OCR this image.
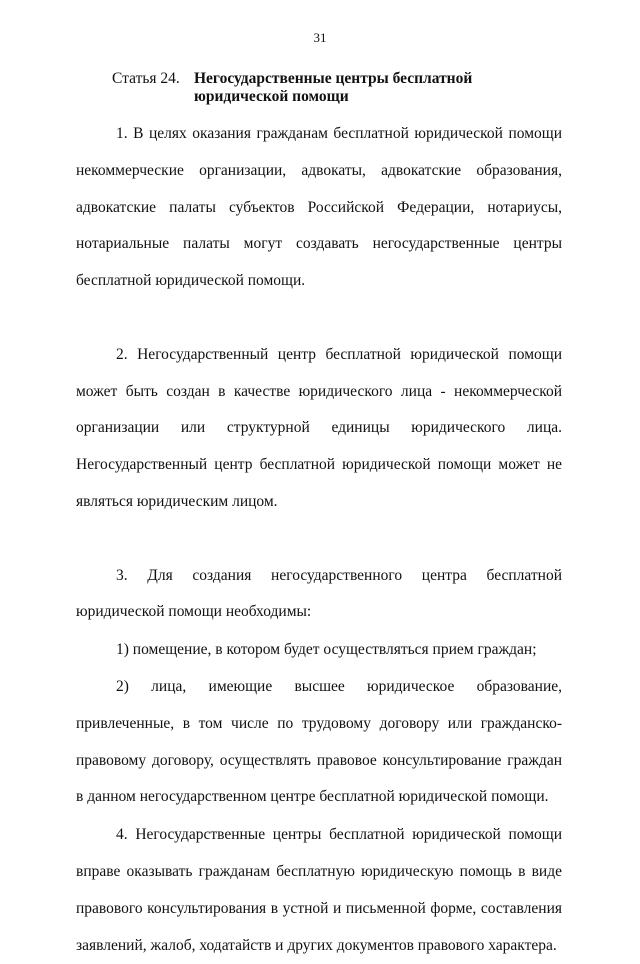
31
Статья 24. Негосударственные центры бесплатной юридической помощи

1. В целях оказания гражданам бесплатной юридической помощи некоммерческие организации, адвокаты, адвокатские образования, адвокатские палаты субъектов Российской Федерации, нотариусы, нотариальные палаты могут создавать негосударственные центры бесплатной юридической помощи.

2. Негосударственный центр бесплатной юридической помощи может быть создан в качестве юридического лица - некоммерческой организации или структурной единицы юридического лица. Негосударственный центр бесплатной юридической помощи может не являться юридическим лицом.

3. Для создания негосударственного центра бесплатной юридической помощи необходимы:

1) помещение, в котором будет осуществляться прием граждан;

2) лица, имеющие высшее юридическое образование, привлеченные, в том числе по трудовому договору или гражданско-правовому договору, осуществлять правовое консультирование граждан в данном негосударственном центре бесплатной юридической помощи.

4. Негосударственные центры бесплатной юридической помощи вправе оказывать гражданам бесплатную юридическую помощь в виде правового консультирования в устной и письменной форме, составления заявлений, жалоб, ходатайств и других документов правового характера.
